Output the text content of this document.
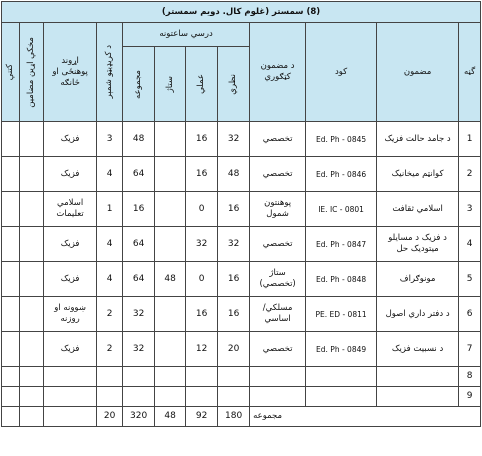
(8) سمستر (غلوم کال. دویم سمستر)											
گڼه	مضمون	کود	د مضمون کټګوري	درسي ساعتونه				د کریډیټو شمېر	اړوند پوهنځی او څانګه	مخکې اړین مضامین	کتنې

				نظري	عملي	ستاژ	مجموعه				

1	د جامد حالت فزیک	Ed. Ph - 0845	تخصصي	32	16		48	3	فزیک		
2	کوانټم میخانیک	Ed. Ph - 0846	تخصصي	48	16		64	4	فزیک		
3	اسلامي ثقافت	IE. IC - 0801	پوهنتون شمول	16	0		16	1	اسلامي تعلیمات		
4	د فزیک د مسایلو میتودیک حل	Ed. Ph - 0847	تخصصي	32	32		64	4	فزیک		
5	مونوګراف	Ed. Ph - 0848	ستاژ (تخصصي)	16	0	48	64	4	فزیک		
6	د دفتر داري اصول	PE. ED - 0811	مسلکي/ اساسي	16	16		32	2	ښوونه او روزنه		
7	د نسبیت فزیک	Ed. Ph - 0849	تخصصي	20	12		32	2	فزیک		
8											
9											
مجموعه				180	92	48	320	20			
